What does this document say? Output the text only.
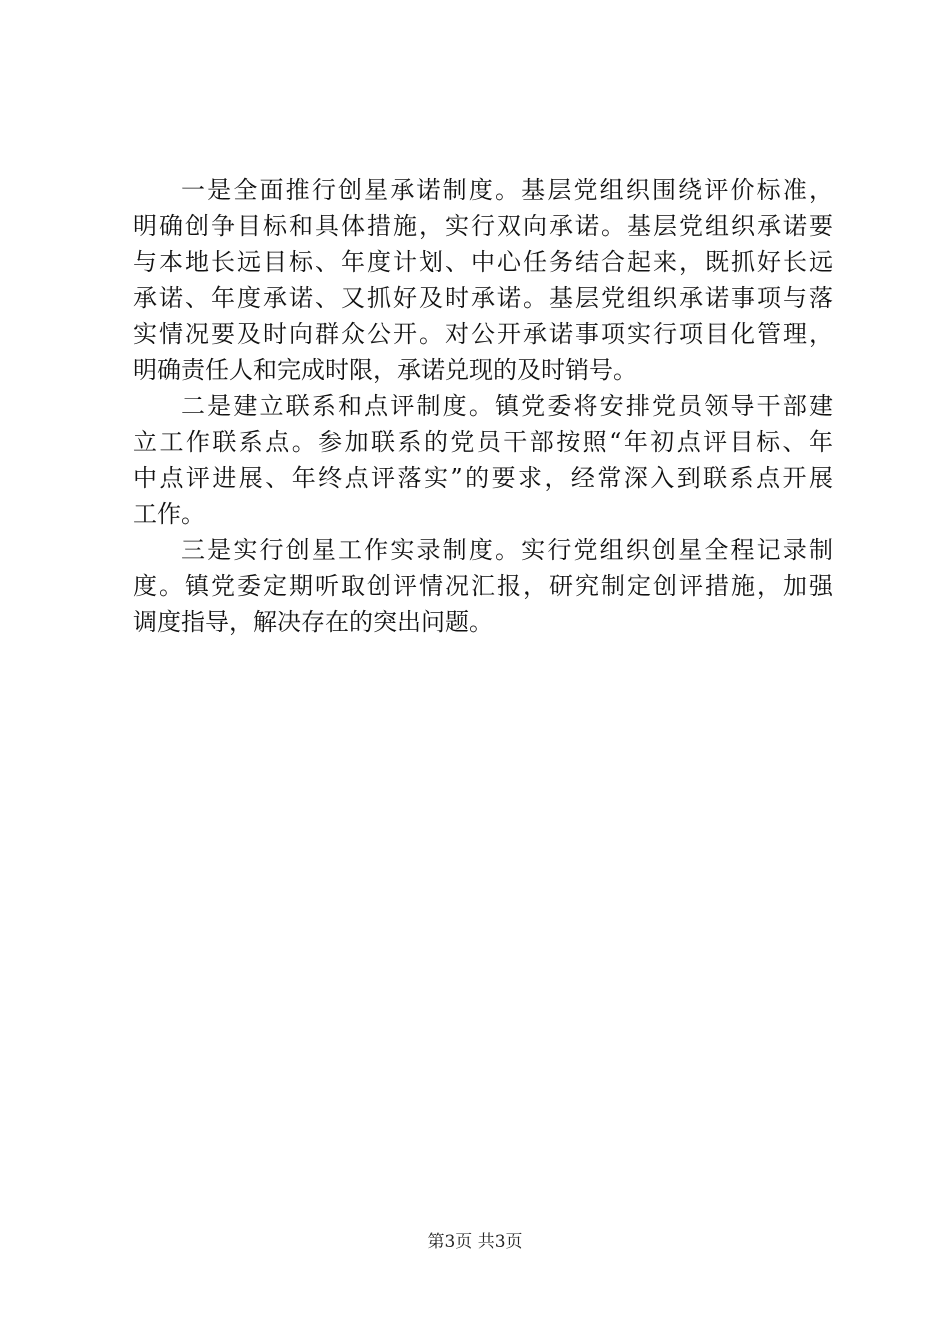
一是全面推行创星承诺制度。基层党组织围绕评价标准，
明确创争目标和具体措施，实行双向承诺。基层党组织承诺要
与本地长远目标、年度计划、中心任务结合起来，既抓好长远
承诺、年度承诺、又抓好及时承诺。基层党组织承诺事项与落
实情况要及时向群众公开。对公开承诺事项实行项目化管理，
明确责任人和完成时限，承诺兑现的及时销号。
二是建立联系和点评制度。镇党委将安排党员领导干部建
立工作联系点。参加联系的党员干部按照“年初点评目标、年
中点评进展、年终点评落实”的要求，经常深入到联系点开展
工作。
三是实行创星工作实录制度。实行党组织创星全程记录制
度。镇党委定期听取创评情况汇报，研究制定创评措施，加强
调度指导，解决存在的突出问题。
第3页 共3页
